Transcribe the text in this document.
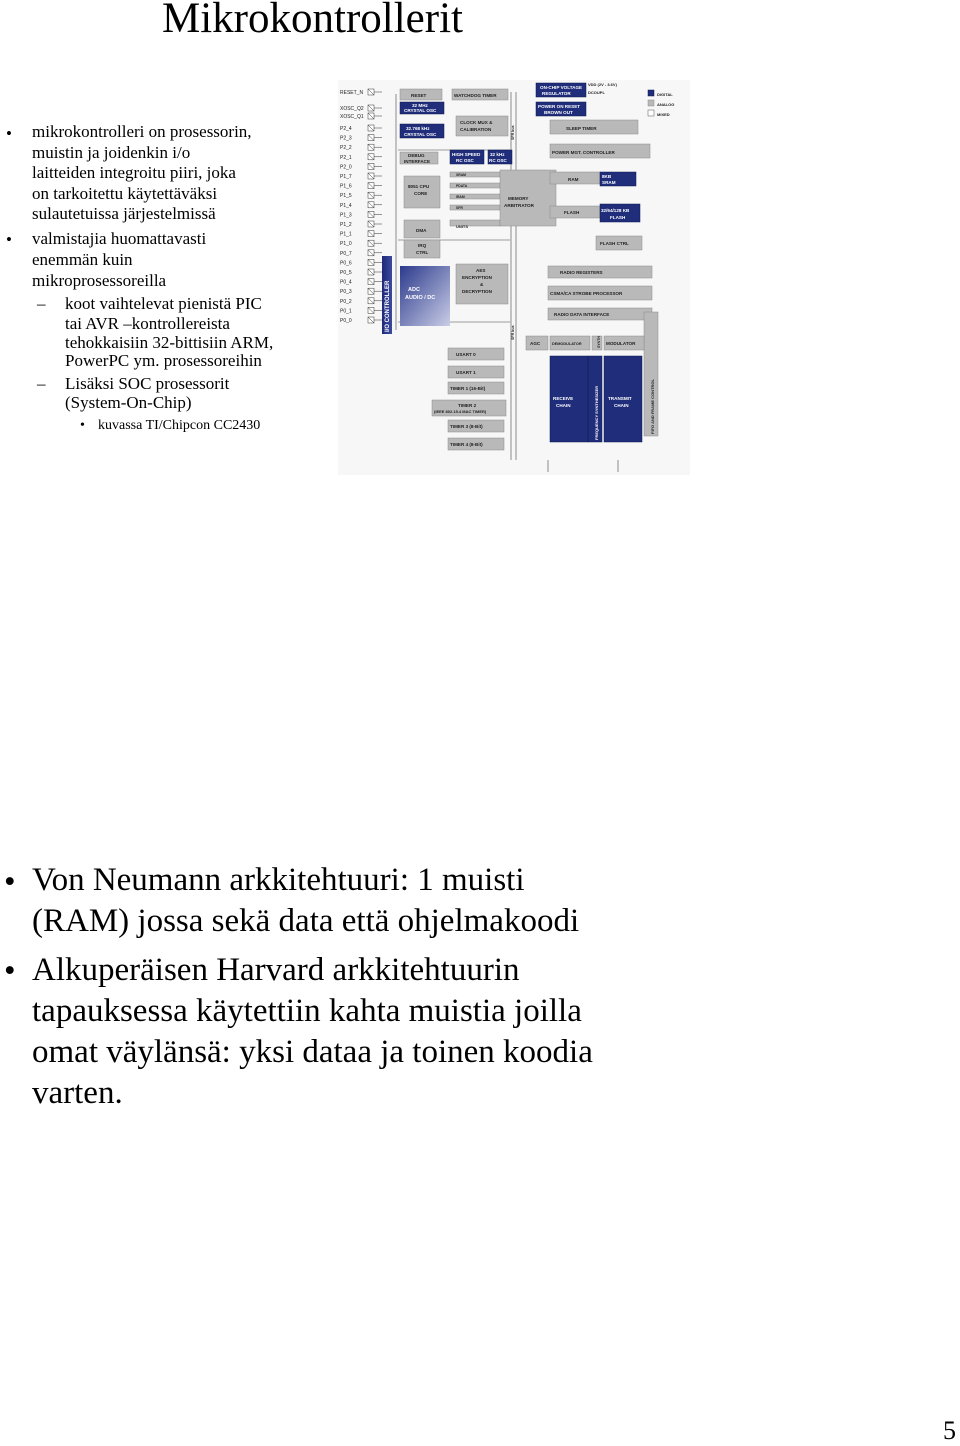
Mikrokontrollerit
• mikrokontrolleri on prosessorin,
muistin ja joidenkin i/o
laitteiden integroitu piiri, joka
on tarkoitettu käytettäväksi
sulautetuissa järjestelmissä
• valmistajia huomattavasti
enemmän kuin
mikroprosessoreilla
– koot vaihtelevat pienistä PIC
tai AVR –kontrollereista
tehokkaisiin 32-bittisiin ARM,
PowerPC ym. prosessoreihin
– Lisäksi SOC prosessorit
(System-On-Chip)
• kuvassa TI/Chipcon CC2430
RESET_N
XOSC_Q2
XOSC_Q1
P2_4
P2_3
P2_2
P2_1
P2_0
P1_7
P1_6
P1_5
P1_4
P1_3
P1_2
P1_1
P1_0
P0_7
P0_6
P0_5
P0_4
P0_3
P0_2
P0_1
P0_0	I/O CONTROLLER
ON-CHIP VOLTAGE
REGULATOR
POWER ON RESET
BROWN OUT
32 MHz
CRYSTAL OSC
32.768 kHz
CRYSTAL OSC
HIGH SPEED
RC OSC
32 kHz
RC OSC
8KB
SRAM
32/64/128 KB
FLASH
ADC
AUDIO / DC
RECEIVE
CHAIN
TRANSMIT
CHAIN
FREQUENCY SYNTHESIZER
RESET	WATCHDOG TIMER
CLOCK MUX &
CALIBRATION	SLEEP TIMER
POWER MGT. CONTROLLER
DEBUG
INTERFACE
8051 CPU
CORE
MEMORY
ARBITRATOR
RAM
FLASH
DMA
IRQ
CTRL
FLASH CTRL
AES
ENCRYPTION
&
DECRYPTION
RADIO REGISTERS
CSMA/CA STROBE PROCESSOR
RADIO DATA INTERFACE
AGC	DEMODULATOR	SYNTH MODULATOR
USART 0
USART 1
TIMER 1 (16-Bit)
TIMER 2
(IEEE 802.15.4 MAC TIMER)
TIMER 3 (8-Bit)
TIMER 4 (8-Bit)
FIFO AND FRAME CONTROL
SFR bus
SFR bus
VDD (2V - 3.6V)
DCOUPL
UNITS
XRAM
PDATA
IRAM
SFR
DIGITAL
ANALOG
MIXED
• Von Neumann arkkitehtuuri: 1 muisti
(RAM) jossa sekä data että ohjelmakoodi
• Alkuperäisen Harvard arkkitehtuurin
tapauksessa käytettiin kahta muistia joilla
omat väylänsä: yksi dataa ja toinen koodia
varten.
5
